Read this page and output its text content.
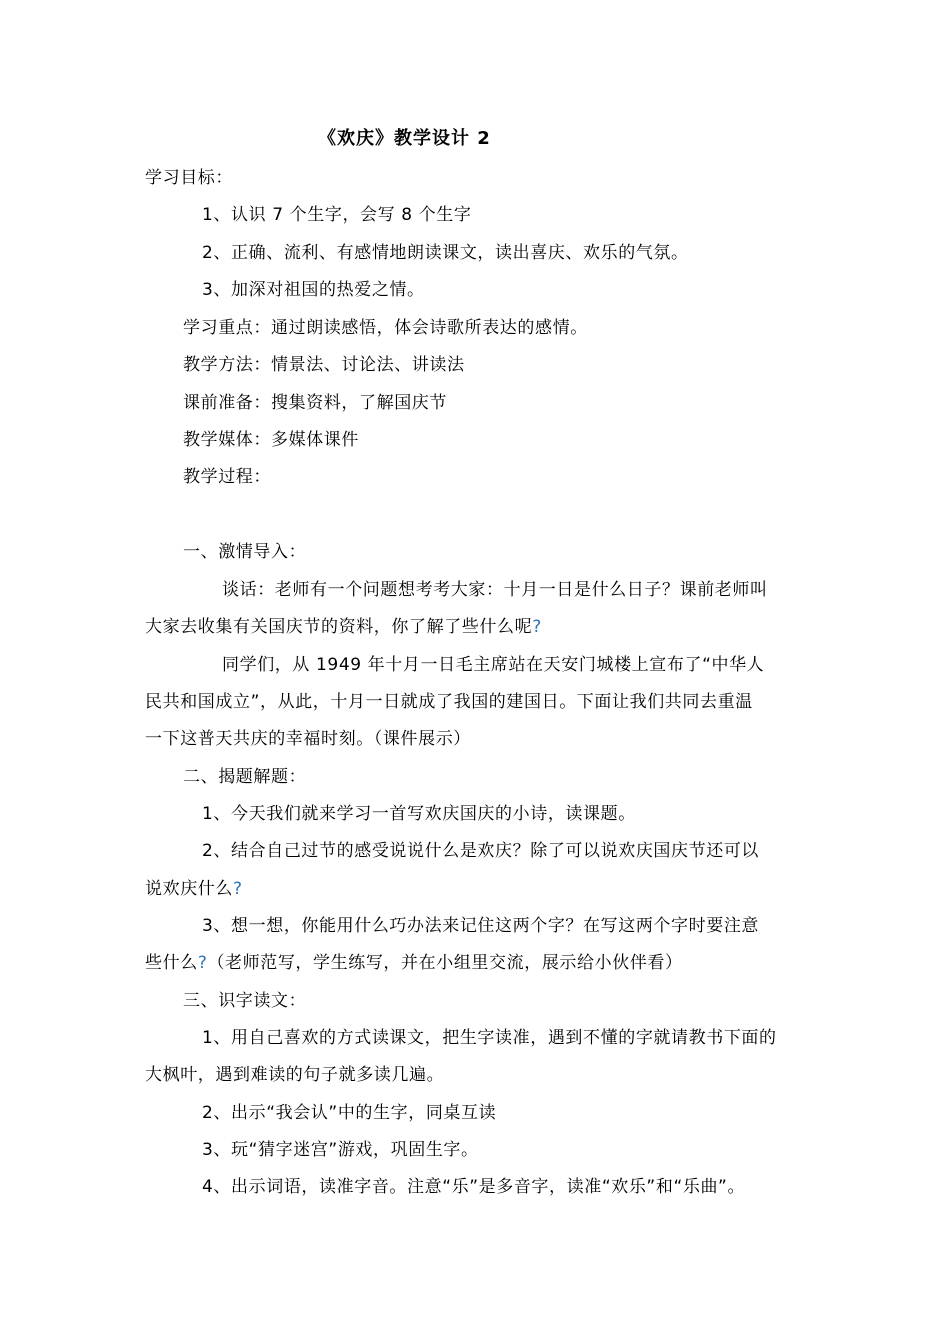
《欢庆》教学设计 2
学习目标：
1、认识 7 个生字，会写 8 个生字
2、正确、流利、有感情地朗读课文，读出喜庆、欢乐的气氛。
3、加深对祖国的热爱之情。
学习重点：通过朗读感悟，体会诗歌所表达的感情。
教学方法：情景法、讨论法、讲读法
课前准备：搜集资料，了解国庆节
教学媒体：多媒体课件
教学过程：
一、激情导入：
谈话：老师有一个问题想考考大家：十月一日是什么日子？课前老师叫
大家去收集有关国庆节的资料，你了解了些什么呢?
同学们，从 1949 年十月一日毛主席站在天安门城楼上宣布了“中华人
民共和国成立”，从此，十月一日就成了我国的建国日。下面让我们共同去重温
一下这普天共庆的幸福时刻。（课件展示）
二、揭题解题：
1、今天我们就来学习一首写欢庆国庆的小诗，读课题。
2、结合自己过节的感受说说什么是欢庆？除了可以说欢庆国庆节还可以
说欢庆什么?
3、想一想，你能用什么巧办法来记住这两个字？在写这两个字时要注意
些什么?（老师范写，学生练写，并在小组里交流，展示给小伙伴看）
三、识字读文：
1、用自己喜欢的方式读课文，把生字读准，遇到不懂的字就请教书下面的
大枫叶，遇到难读的句子就多读几遍。
2、出示“我会认”中的生字，同桌互读
3、玩“猜字迷宫”游戏，巩固生字。
4、出示词语，读准字音。注意“乐”是多音字，读准“欢乐”和“乐曲”。
